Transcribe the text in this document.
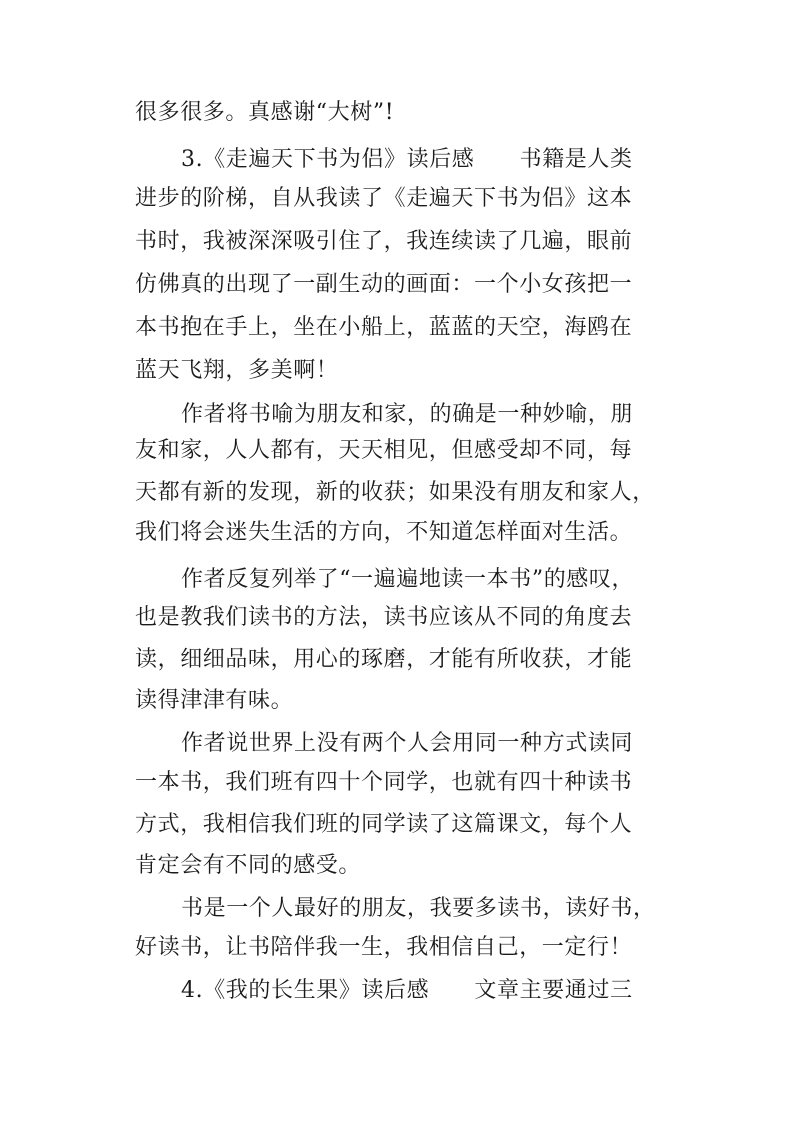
很多很多。真感谢“大树”!
3.《走遍天下书为侣》读后感　　书籍是人类
进步的阶梯，自从我读了《走遍天下书为侣》这本
书时，我被深深吸引住了，我连续读了几遍，眼前
仿佛真的出现了一副生动的画面：一个小女孩把一
本书抱在手上，坐在小船上，蓝蓝的天空，海鸥在
蓝天飞翔，多美啊！
作者将书喻为朋友和家，的确是一种妙喻，朋
友和家，人人都有，天天相见，但感受却不同，每
天都有新的发现，新的收获；如果没有朋友和家人，
我们将会迷失生活的方向，不知道怎样面对生活。
作者反复列举了“一遍遍地读一本书”的感叹，
也是教我们读书的方法，读书应该从不同的角度去
读，细细品味，用心的琢磨，才能有所收获，才能
读得津津有味。
作者说世界上没有两个人会用同一种方式读同
一本书，我们班有四十个同学，也就有四十种读书
方式，我相信我们班的同学读了这篇课文，每个人
肯定会有不同的感受。
书是一个人最好的朋友，我要多读书，读好书，
好读书，让书陪伴我一生，我相信自己，一定行！
4.《我的长生果》读后感　　文章主要通过三
